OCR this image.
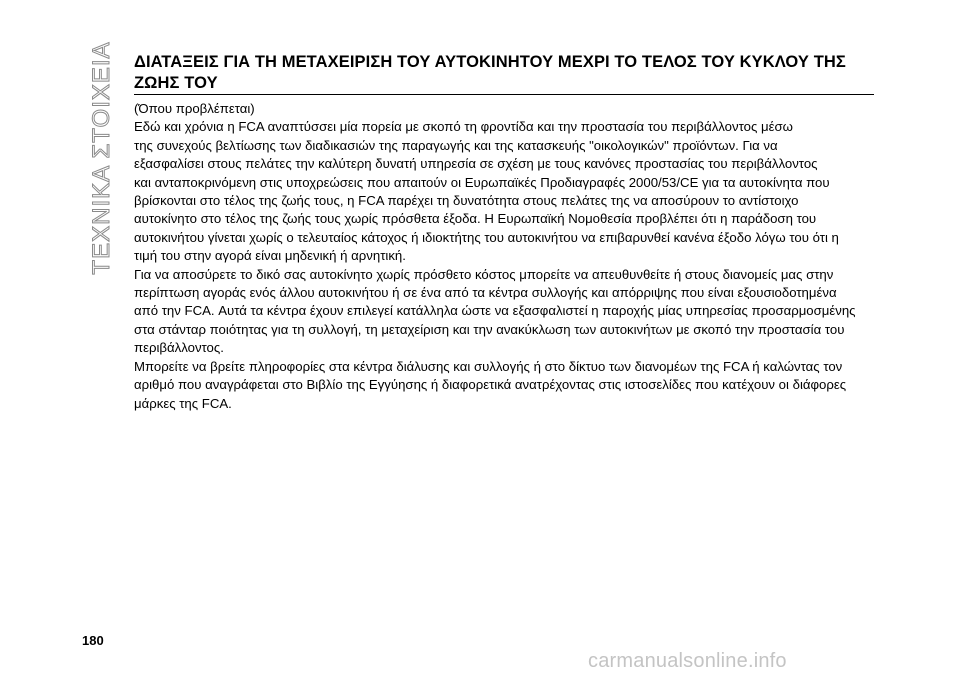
ΤΕΧΝΙΚΑ ΣΤΟΙΧΕΙΑ ΔΙΑΤΑΞΕΙΣ ΓΙΑ ΤΗ ΜΕΤΑΧΕΙΡΙΣΗ ΤΟΥ ΑΥΤΟΚΙΝΗΤΟΥ ΜΕΧΡΙ ΤΟ ΤΕΛΟΣ ΤΟΥ ΚΥΚΛΟΥ ΤΗΣ
ΖΩΗΣ ΤΟΥ

(Όπου προβλέπεται)

Εδώ και χρόνια η FCA αναπτύσσει μία πορεία με σκοπό τη φροντίδα και την προστασία του περιβάλλοντος μέσω

της συνεχούς βελτίωσης των διαδικασιών της παραγωγής και της κατασκευής "οικολογικών" προϊόντων. Για να

εξασφαλίσει στους πελάτες την καλύτερη δυνατή υπηρεσία σε σχέση με τους κανόνες προστασίας του περιβάλλοντος

και ανταποκρινόμενη στις υποχρεώσεις που απαιτούν οι Ευρωπαϊκές Προδιαγραφές 2000/53/CE για τα αυτοκίνητα που

βρίσκονται στο τέλος της ζωής τους, η FCA παρέχει τη δυνατότητα στους πελάτες της να αποσύρουν το αντίστοιχο

αυτοκίνητο στο τέλος της ζωής τους χωρίς πρόσθετα έξοδα. Η Ευρωπαϊκή Νομοθεσία προβλέπει ότι η παράδοση του

αυτοκινήτου γίνεται χωρίς ο τελευταίος κάτοχος ή ιδιοκτήτης του αυτοκινήτου να επιβαρυνθεί κανένα έξοδο λόγω του ότι η

τιμή του στην αγορά είναι μηδενική ή αρνητική.

Για να αποσύρετε το δικό σας αυτοκίνητο χωρίς πρόσθετο κόστος μπορείτε να απευθυνθείτε ή στους διανομείς μας στην

περίπτωση αγοράς ενός άλλου αυτοκινήτου ή σε ένα από τα κέντρα συλλογής και απόρριψης που είναι εξουσιοδοτημένα

από την FCA. Αυτά τα κέντρα έχουν επιλεγεί κατάλληλα ώστε να εξασφαλιστεί η παροχής μίας υπηρεσίας προσαρμοσμένης

στα στάνταρ ποιότητας για τη συλλογή, τη μεταχείριση και την ανακύκλωση των αυτοκινήτων με σκοπό την προστασία του

περιβάλλοντος.

Μπορείτε να βρείτε πληροφορίες στα κέντρα διάλυσης και συλλογής ή στο δίκτυο των διανομέων της FCA ή καλώντας τον

αριθμό που αναγράφεται στο Βιβλίο της Εγγύησης ή διαφορετικά ανατρέχοντας στις ιστοσελίδες που κατέχουν οι διάφορες

μάρκες της FCA.

180
carmanualsonline.info
